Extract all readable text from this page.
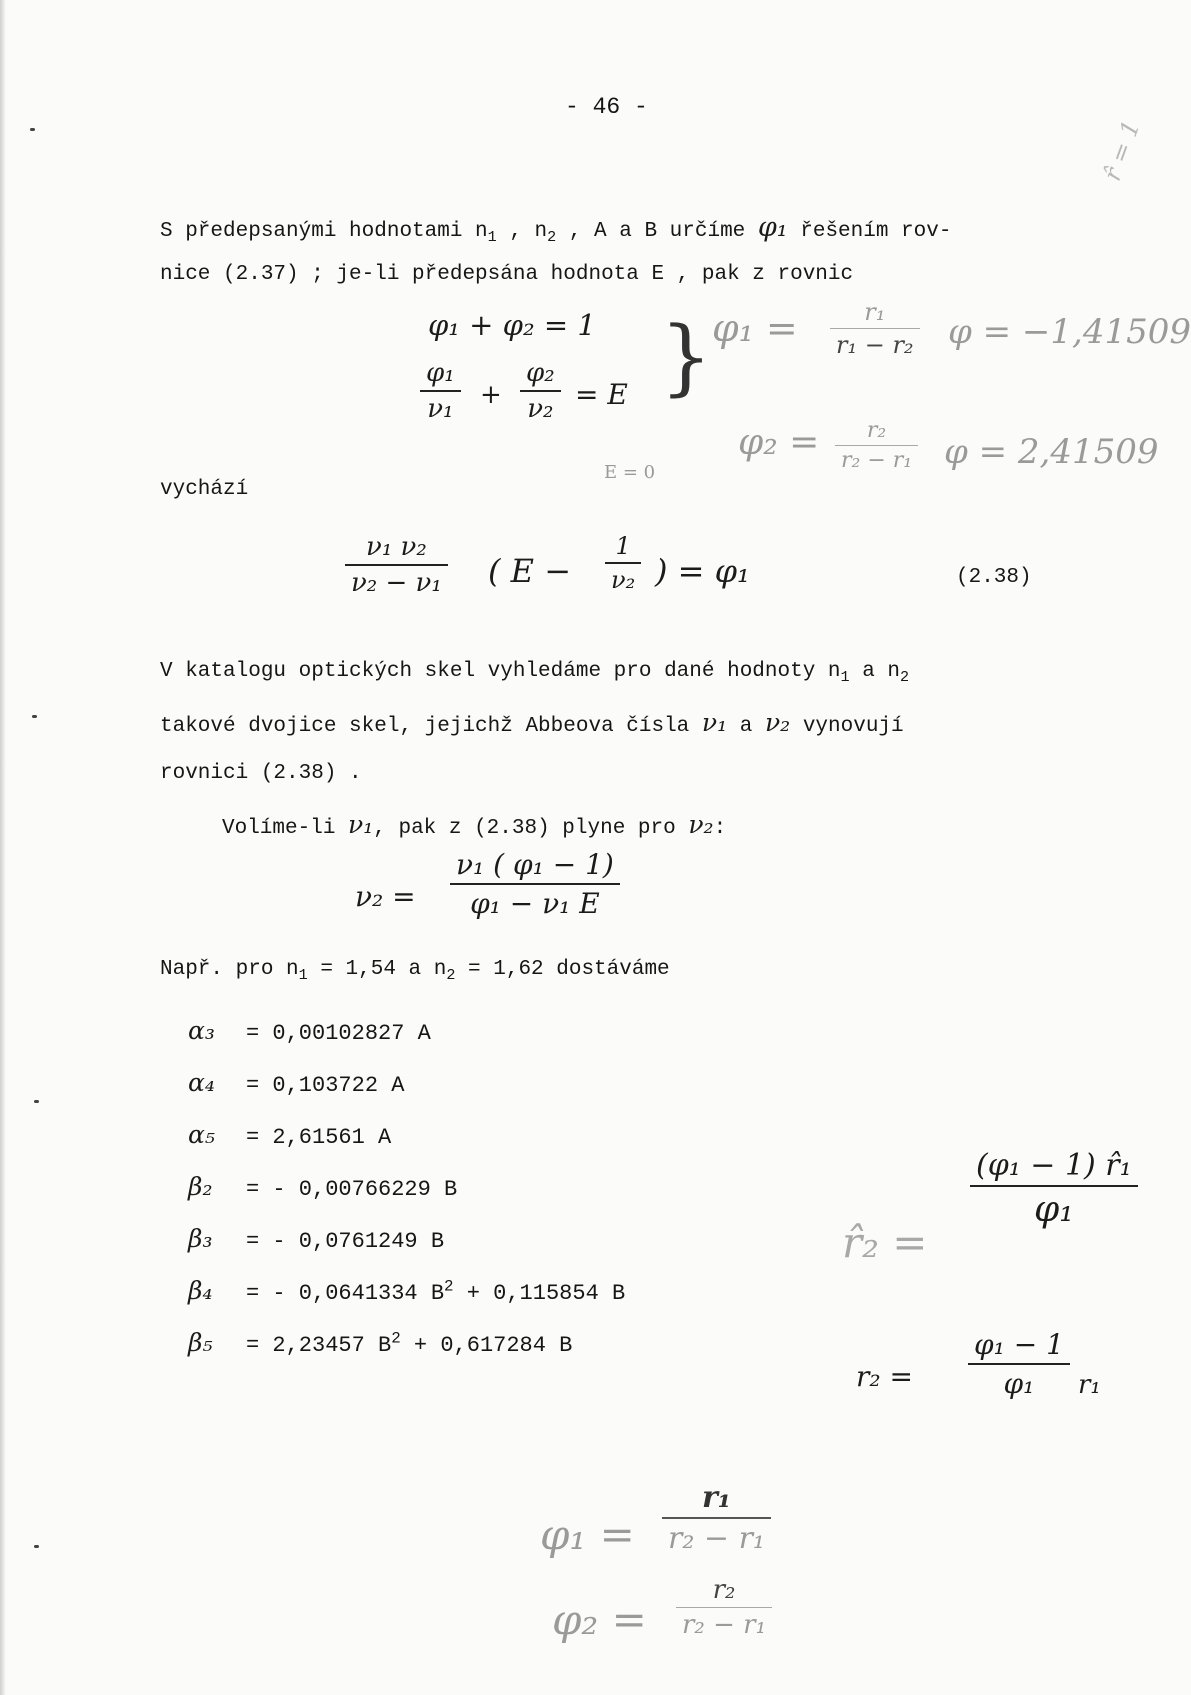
- 46 -
S předepsanými hodnotami $n_1$ , $n_2$ , A a B určíme φ₁ řešením rov-
nice (2.37) ; je-li předepsána hodnota E , pak z rovnic
φ₁ + φ₂ = 1
φ₁
ν₁ +
φ₂
ν₂ = E } φ₁ =	r₁
r₁ − r₂ φ = −1,41509
φ₂ = r₂
r₂ − r₁ φ = 2,41509
E = 0
r̂ = 1
vychází
ν₁ ν₂
ν₂ − ν₁ ( E −
1
ν₂ ) = φ₁	(2.38)
V katalogu optických skel vyhledáme pro dané hodnoty $n_1$ a $n_2$
takové dvojice skel, jejichž Abbeova čísla ν₁ a ν₂ vynovují
rovnici (2.38) .
Volíme-li ν₁, pak z (2.38) plyne pro ν₂:
ν₂ =
ν₁ ( φ₁ − 1)
φ₁ − ν₁ E
Např. pro $n_1 = 1,54$ a $n_2 = 1,62$ dostáváme
α₃ = 0,00102827 A
α₄ = 0,103722 A
α₅ = 2,61561 A
β₂ = - 0,00766229 B
β₃ = - 0,0761249 B
β₄ = - 0,0641334 $B^2 + 0,115854$ B
β₅ = 2,23457 $B^2 + 0,617284$ B
r̂₂ =
(φ₁ − 1) r̂₁
φ₁
r₂ =
φ₁ − 1
φ₁ r₁
φ₁ =
r₁
r₂ − r₁
φ₂ =
r₂
r₂ − r₁
